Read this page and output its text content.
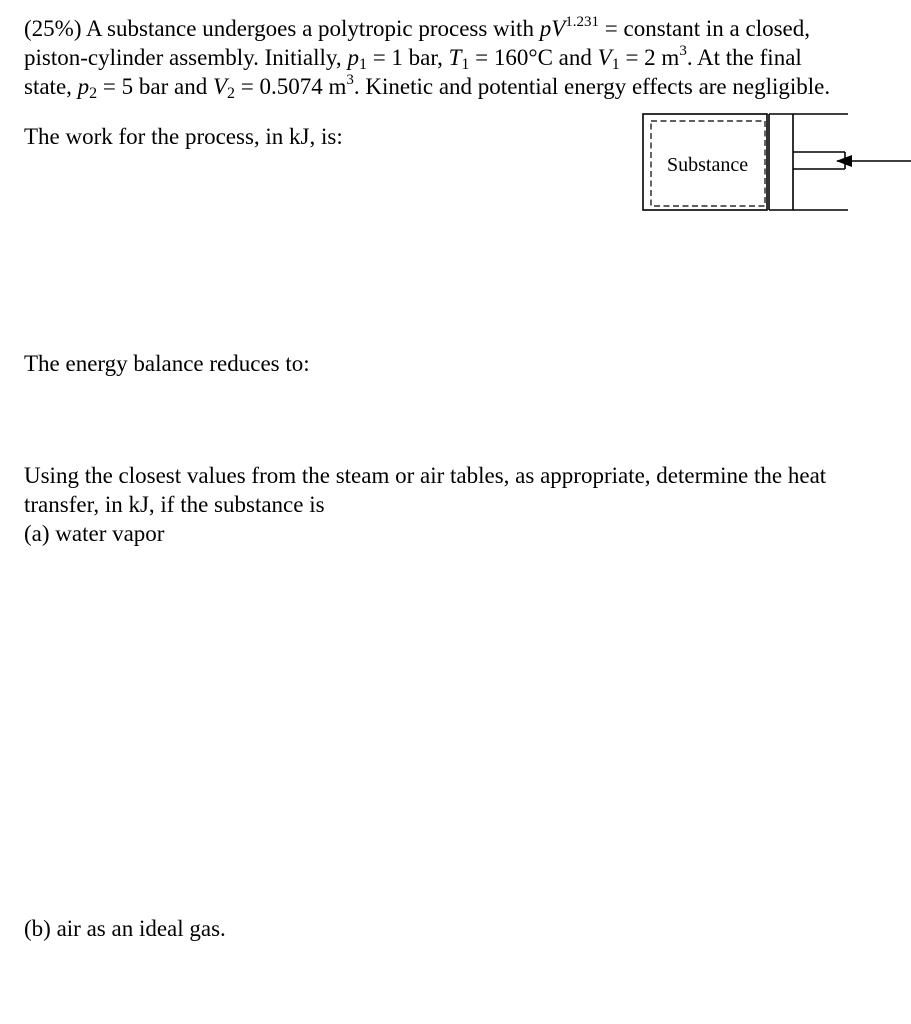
(25%) A substance undergoes a polytropic process with $pV^{1.231}$ = constant in a closed,
piston-cylinder assembly. Initially, $p_1 = 1$ bar, $T_1 = 160^\circ C$ and $V_1 = 2$ $m^3$. At the final
state, $p_2 = 5$ bar and $V_2 = 0.5074$ $m^3$. Kinetic and potential energy effects are negligible.
The work for the process, in kJ, is:
Substance
The energy balance reduces to:
Using the closest values from the steam or air tables, as appropriate, determine the heat
transfer, in kJ, if the substance is
(a) water vapor
(b) air as an ideal gas.
